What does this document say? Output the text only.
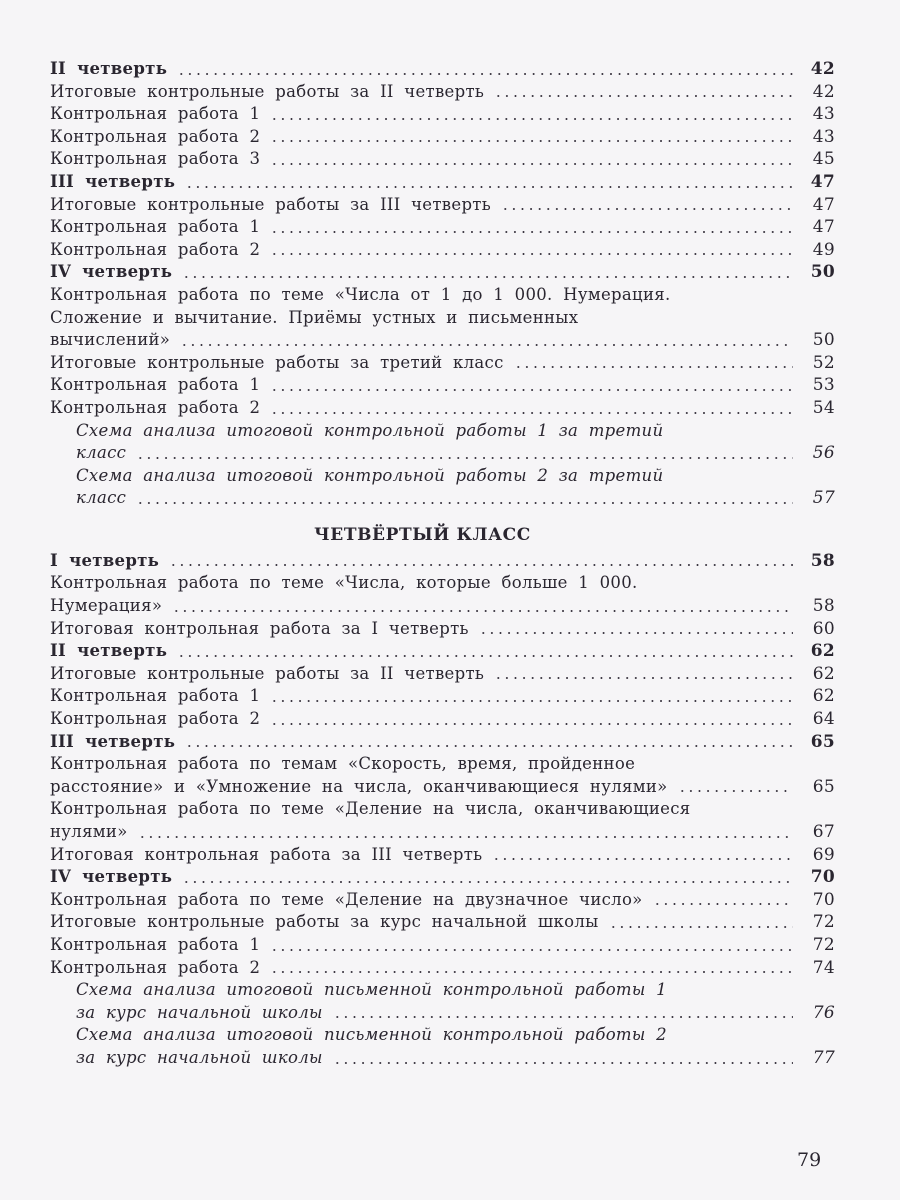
II четверть	42
Итоговые контрольные работы за II четверть	42
Контрольная работа 1	43
Контрольная работа 2	43
Контрольная работа 3	45
III четверть	47
Итоговые контрольные работы за III четверть	47
Контрольная работа 1	47
Контрольная работа 2	49
IV четверть	50
Контрольная работа по теме «Числа от 1 до 1 000. Нумерация.
Сложение и вычитание. Приёмы устных и письменных
вычислений»	50
Итоговые контрольные работы за третий класс	52
Контрольная работа 1	53
Контрольная работа 2	54
Схема анализа итоговой контрольной работы 1 за третий
класс	56
Схема анализа итоговой контрольной работы 2 за третий
класс	57
ЧЕТВЁРТЫЙ КЛАСС
I четверть	58
Контрольная работа по теме «Числа, которые больше 1 000.
Нумерация»	58
Итоговая контрольная работа за I четверть	60
II четверть	62
Итоговые контрольные работы за II четверть	62
Контрольная работа 1	62
Контрольная работа 2	64
III четверть	65
Контрольная работа по темам «Скорость, время, пройденное
расстояние» и «Умножение на числа, оканчивающиеся нулями»	65
Контрольная работа по теме «Деление на числа, оканчивающиеся
нулями»	67
Итоговая контрольная работа за III четверть	69
IV четверть	70
Контрольная работа по теме «Деление на двузначное число»	70
Итоговые контрольные работы за курс начальной школы	72
Контрольная работа 1	72
Контрольная работа 2	74
Схема анализа итоговой письменной контрольной работы 1
за курс начальной школы	76
Схема анализа итоговой письменной контрольной работы 2
за курс начальной школы	77
79
